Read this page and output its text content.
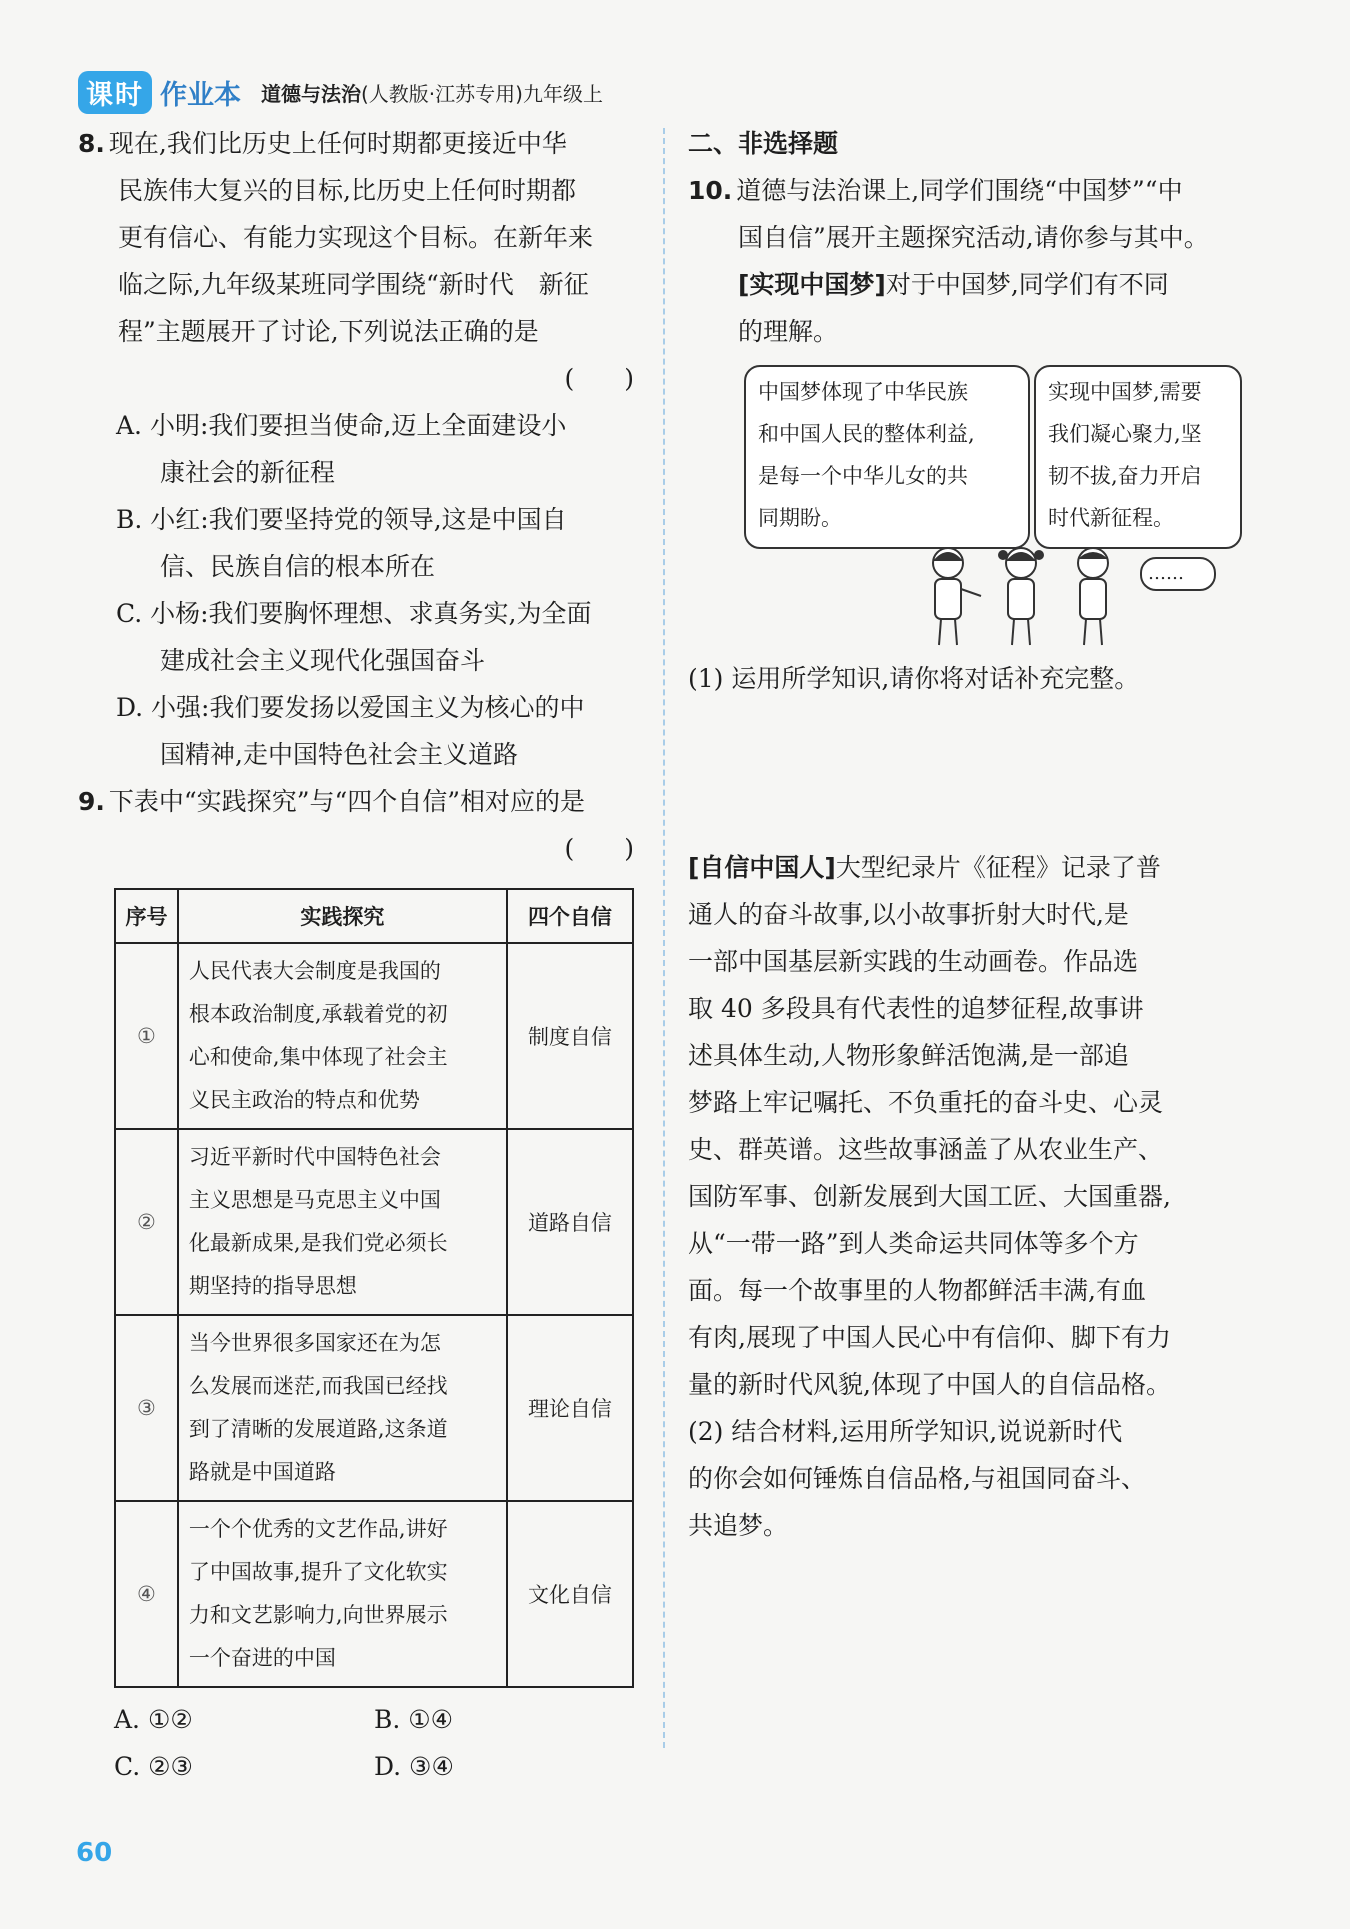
课时 作业本 道德与法治(人教版·江苏专用)九年级上
8. 现在,我们比历史上任何时期都更接近中华
民族伟大复兴的目标,比历史上任何时期都
更有信心、有能力实现这个目标。在新年来
临之际,九年级某班同学围绕“新时代　新征
程”主题展开了讨论,下列说法正确的是
(　　)
A. 小明:我们要担当使命,迈上全面建设小
康社会的新征程
B. 小红:我们要坚持党的领导,这是中国自
信、民族自信的根本所在
C. 小杨:我们要胸怀理想、求真务实,为全面
建成社会主义现代化强国奋斗
D. 小强:我们要发扬以爱国主义为核心的中
国精神,走中国特色社会主义道路
9. 下表中“实践探究”与“四个自信”相对应的是
(　　)
序号	实践探究	四个自信
①	人民代表大会制度是我国的
根本政治制度,承载着党的初
心和使命,集中体现了社会主
义民主政治的特点和优势	制度自信
②	习近平新时代中国特色社会
主义思想是马克思主义中国
化最新成果,是我们党必须长
期坚持的指导思想	道路自信
③	当今世界很多国家还在为怎
么发展而迷茫,而我国已经找
到了清晰的发展道路,这条道
路就是中国道路	理论自信
④	一个个优秀的文艺作品,讲好
了中国故事,提升了文化软实
力和文艺影响力,向世界展示
一个奋进的中国	文化自信
A. ①②	B. ①④
C. ②③	D. ③④
二、非选择题
10. 道德与法治课上,同学们围绕“中国梦”“中
国自信”展开主题探究活动,请你参与其中。
[实现中国梦]对于中国梦,同学们有不同
的理解。
中国梦体现了中华民族
和中国人民的整体利益,
是每一个中华儿女的共
同期盼。
实现中国梦,需要
我们凝心聚力,坚
韧不拔,奋力开启
时代新征程。
……
(1) 运用所学知识,请你将对话补充完整。
[自信中国人]大型纪录片《征程》记录了普
通人的奋斗故事,以小故事折射大时代,是
一部中国基层新实践的生动画卷。作品选
取 40 多段具有代表性的追梦征程,故事讲
述具体生动,人物形象鲜活饱满,是一部追
梦路上牢记嘱托、不负重托的奋斗史、心灵
史、群英谱。这些故事涵盖了从农业生产、
国防军事、创新发展到大国工匠、大国重器,
从“一带一路”到人类命运共同体等多个方
面。每一个故事里的人物都鲜活丰满,有血
有肉,展现了中国人民心中有信仰、脚下有力
量的新时代风貌,体现了中国人的自信品格。
(2) 结合材料,运用所学知识,说说新时代
的你会如何锤炼自信品格,与祖国同奋斗、
共追梦。
60
